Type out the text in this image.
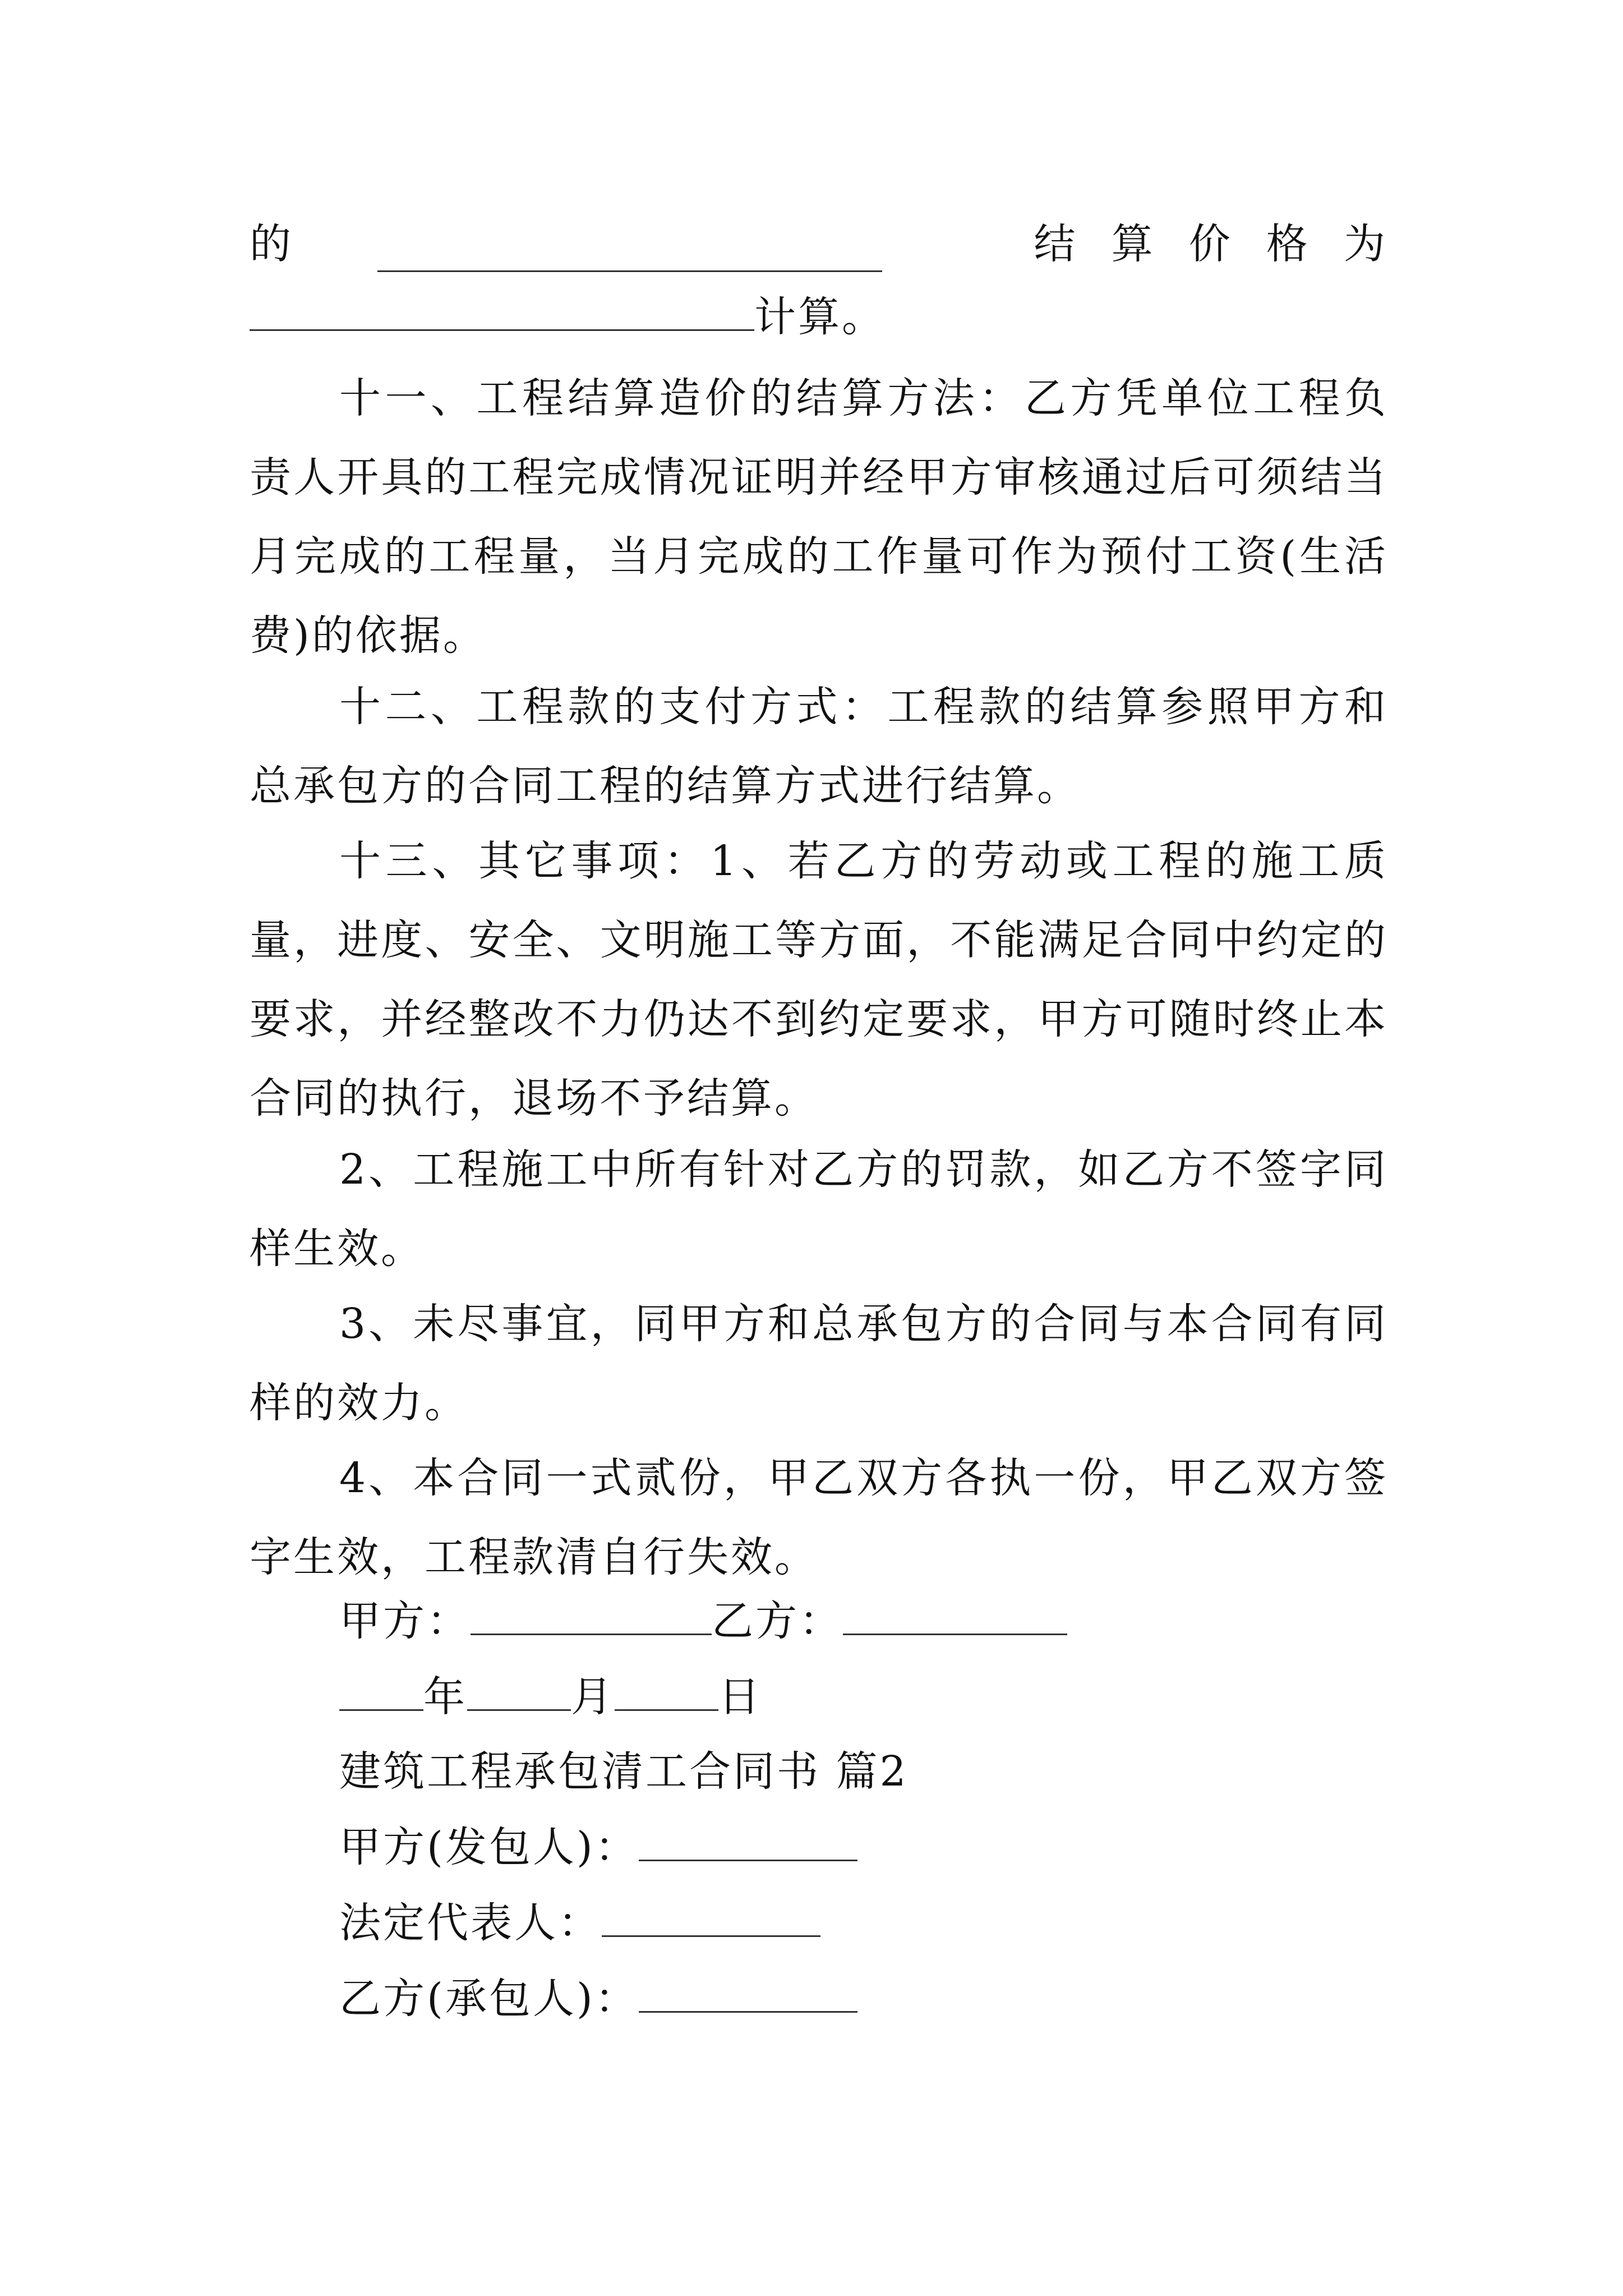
的	结 算 价 格 为
计算。
十一、工程结算造价的结算方法：乙方凭单位工程负责人开具的工程完成情况证明并经甲方审核通过后可须结当月完成的工程量，当月完成的工作量可作为预付工资(生活费)的依据。
十二、工程款的支付方式：工程款的结算参照甲方和总承包方的合同工程的结算方式进行结算。
十三、其它事项：1、若乙方的劳动或工程的施工质量，进度、安全、文明施工等方面，不能满足合同中约定的要求，并经整改不力仍达不到约定要求，甲方可随时终止本合同的执行，退场不予结算。
2、工程施工中所有针对乙方的罚款，如乙方不签字同样生效。
3、未尽事宜，同甲方和总承包方的合同与本合同有同样的效力。
4、本合同一式贰份，甲乙双方各执一份，甲乙双方签字生效，工程款清自行失效。
甲方：	乙方：
年	月	日
建筑工程承包清工合同书 篇2
甲方(发包人)：
法定代表人：
乙方(承包人)：
